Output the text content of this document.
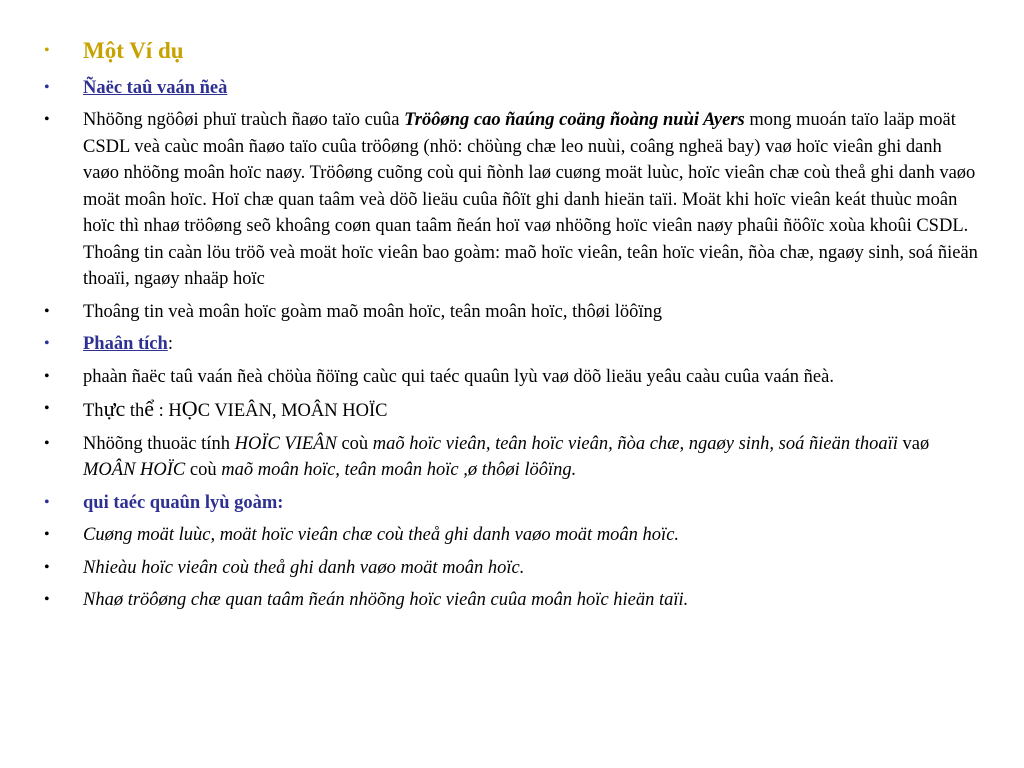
• Một Ví dụ
• Ñaëc taû vaán ñeà
• Nhöõng ngöôøi phuï traùch ñaøo taïo cuûa Tröôøng cao ñaúng coäng ñoàng nuùi Ayers mong muoán taïo laäp moät CSDL veà caùc moân ñaøo taïo cuûa tröôøng (nhö: chöùng chæ leo nuùi, coâng ngheä bay) vaø hoïc vieân ghi danh vaøo nhöõng moân hoïc naøy. Tröôøng cuõng coù qui ñònh laø cuøng moät luùc, hoïc vieân chæ coù theå ghi danh vaøo moät moân hoïc. Hoï chæ quan taâm veà döõ lieäu cuûa ñôït ghi danh hieän taïi. Moät khi hoïc vieân keát thuùc moân hoïc thì nhaø tröôøng seõ khoâng coøn quan taâm ñeán hoï vaø nhöõng hoïc vieân naøy phaûi ñöôïc xoùa khoûi CSDL. Thoâng tin caàn löu tröõ veà moät hoïc vieân bao goàm: maõ hoïc vieân, teân hoïc vieân, ñòa chæ, ngaøy sinh, soá ñieän thoaïi, ngaøy nhaäp hoïc
• Thoâng tin veà moân hoïc goàm maõ moân hoïc, teân moân hoïc, thôøi löôïng
• Phaân tích:
• phaàn ñaëc taû vaán ñeà chöùa ñöïng caùc qui taéc quaûn lyù vaø döõ lieäu yeâu caàu cuûa vaán ñeà.
• Thực thể : HỌC VIEÂN, MOÂN HOÏC
• Nhöõng thuoäc tính HOÏC VIEÂN coù maõ hoïc vieân, teân hoïc vieân, ñòa chæ, ngaøy sinh, soá ñieän thoaïi vaø MOÂN HOÏC coù maõ moân hoïc, teân moân hoïc ,ø thôøi löôïng.
• qui taéc quaûn lyù goàm:
• Cuøng moät luùc, moät hoïc vieân chæ coù theå ghi danh vaøo moät moân hoïc.
• Nhieàu hoïc vieân coù theå ghi danh vaøo moät moân hoïc.
• Nhaø tröôøng chæ quan taâm ñeán nhöõng hoïc vieân cuûa moân hoïc hieän taïi.
